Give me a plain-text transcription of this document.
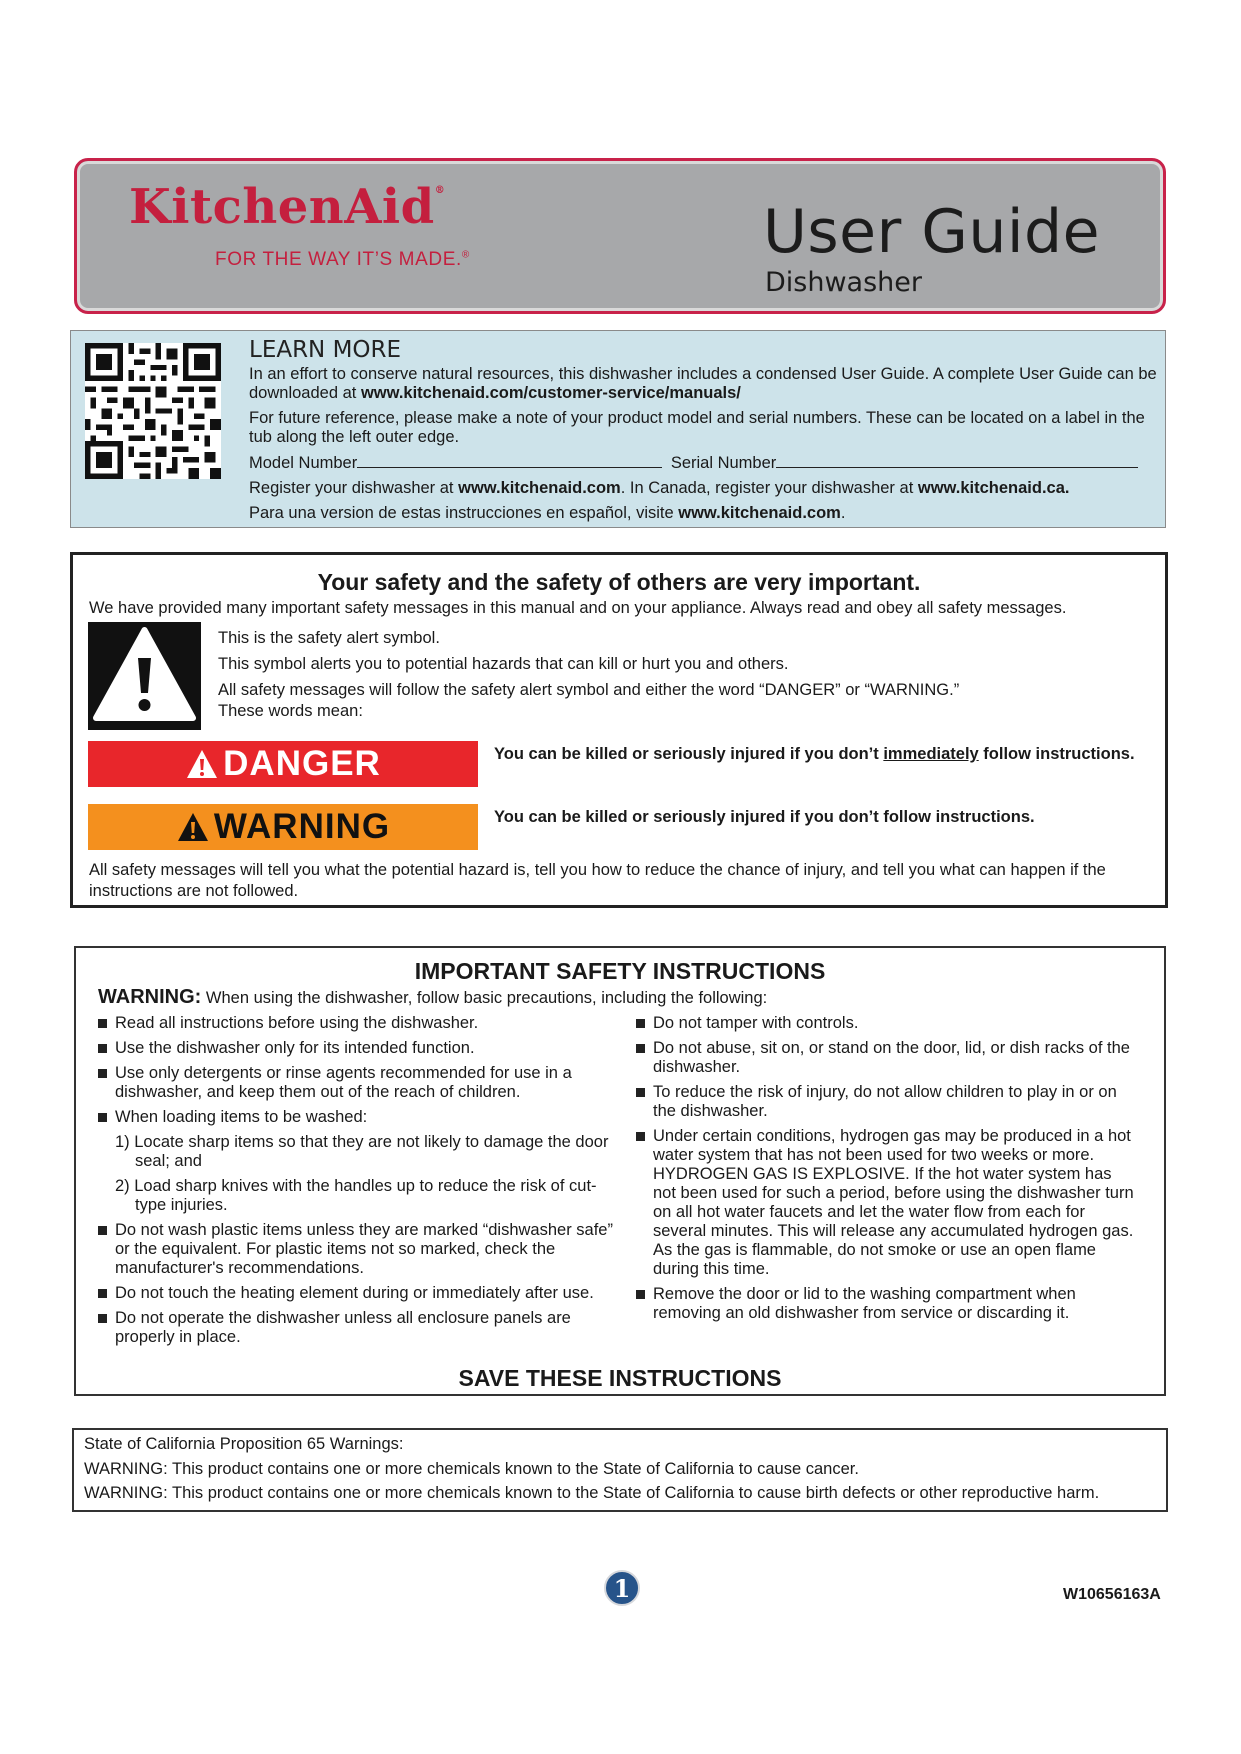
KitchenAid®
FOR THE WAY IT’S MADE.®	User Guide
Dishwasher
LEARN MORE

In an effort to conserve natural resources, this dishwasher includes a condensed User Guide. A complete User Guide can be downloaded at www.kitchenaid.com/customer-service/manuals/

For future reference, please make a note of your product model and serial numbers. These can be located on a label in the tub along the left outer edge.

Model Number	Serial Number

Register your dishwasher at www.kitchenaid.com. In Canada, register your dishwasher at www.kitchenaid.ca.

Para una version de estas instrucciones en español, visite www.kitchenaid.com.

Your safety and the safety of others are very important.
We have provided many important safety messages in this manual and on your appliance. Always read and obey all safety messages.

This is the safety alert symbol.

This symbol alerts you to potential hazards that can kill or hurt you and others.

All safety messages will follow the safety alert symbol and either the word “DANGER” or “WARNING.”

These words mean:

DANGER	You can be killed or seriously injured if you don’t immediately follow instructions.
WARNING	You can be killed or seriously injured if you don’t follow instructions.
All safety messages will tell you what the potential hazard is, tell you how to reduce the chance of injury, and tell you what can happen if the instructions are not followed.
IMPORTANT SAFETY INSTRUCTIONS
WARNING: When using the dishwasher, follow basic precautions, including the following:
Read all instructions before using the dishwasher.
Use the dishwasher only for its intended function.
Use only detergents or rinse agents recommended for use in a dishwasher, and keep them out of the reach of children.
When loading items to be washed:
1) Locate sharp items so that they are not likely to damage the door seal; and
2) Load sharp knives with the handles up to reduce the risk of cut-type injuries.
Do not wash plastic items unless they are marked “dishwasher safe” or the equivalent. For plastic items not so marked, check the manufacturer's recommendations.
Do not touch the heating element during or immediately after use.
Do not operate the dishwasher unless all enclosure panels are properly in place.
Do not tamper with controls.
Do not abuse, sit on, or stand on the door, lid, or dish racks of the dishwasher.
To reduce the risk of injury, do not allow children to play in or on the dishwasher.
Under certain conditions, hydrogen gas may be produced in a hot water system that has not been used for two weeks or more. HYDROGEN GAS IS EXPLOSIVE. If the hot water system has not been used for such a period, before using the dishwasher turn on all hot water faucets and let the water flow from each for several minutes. This will release any accumulated hydrogen gas. As the gas is flammable, do not smoke or use an open flame during this time.
Remove the door or lid to the washing compartment when removing an old dishwasher from service or discarding it.
SAVE THESE INSTRUCTIONS
State of California Proposition 65 Warnings:
WARNING: This product contains one or more chemicals known to the State of California to cause cancer.
WARNING: This product contains one or more chemicals known to the State of California to cause birth defects or other reproductive harm.
1	W10656163A
